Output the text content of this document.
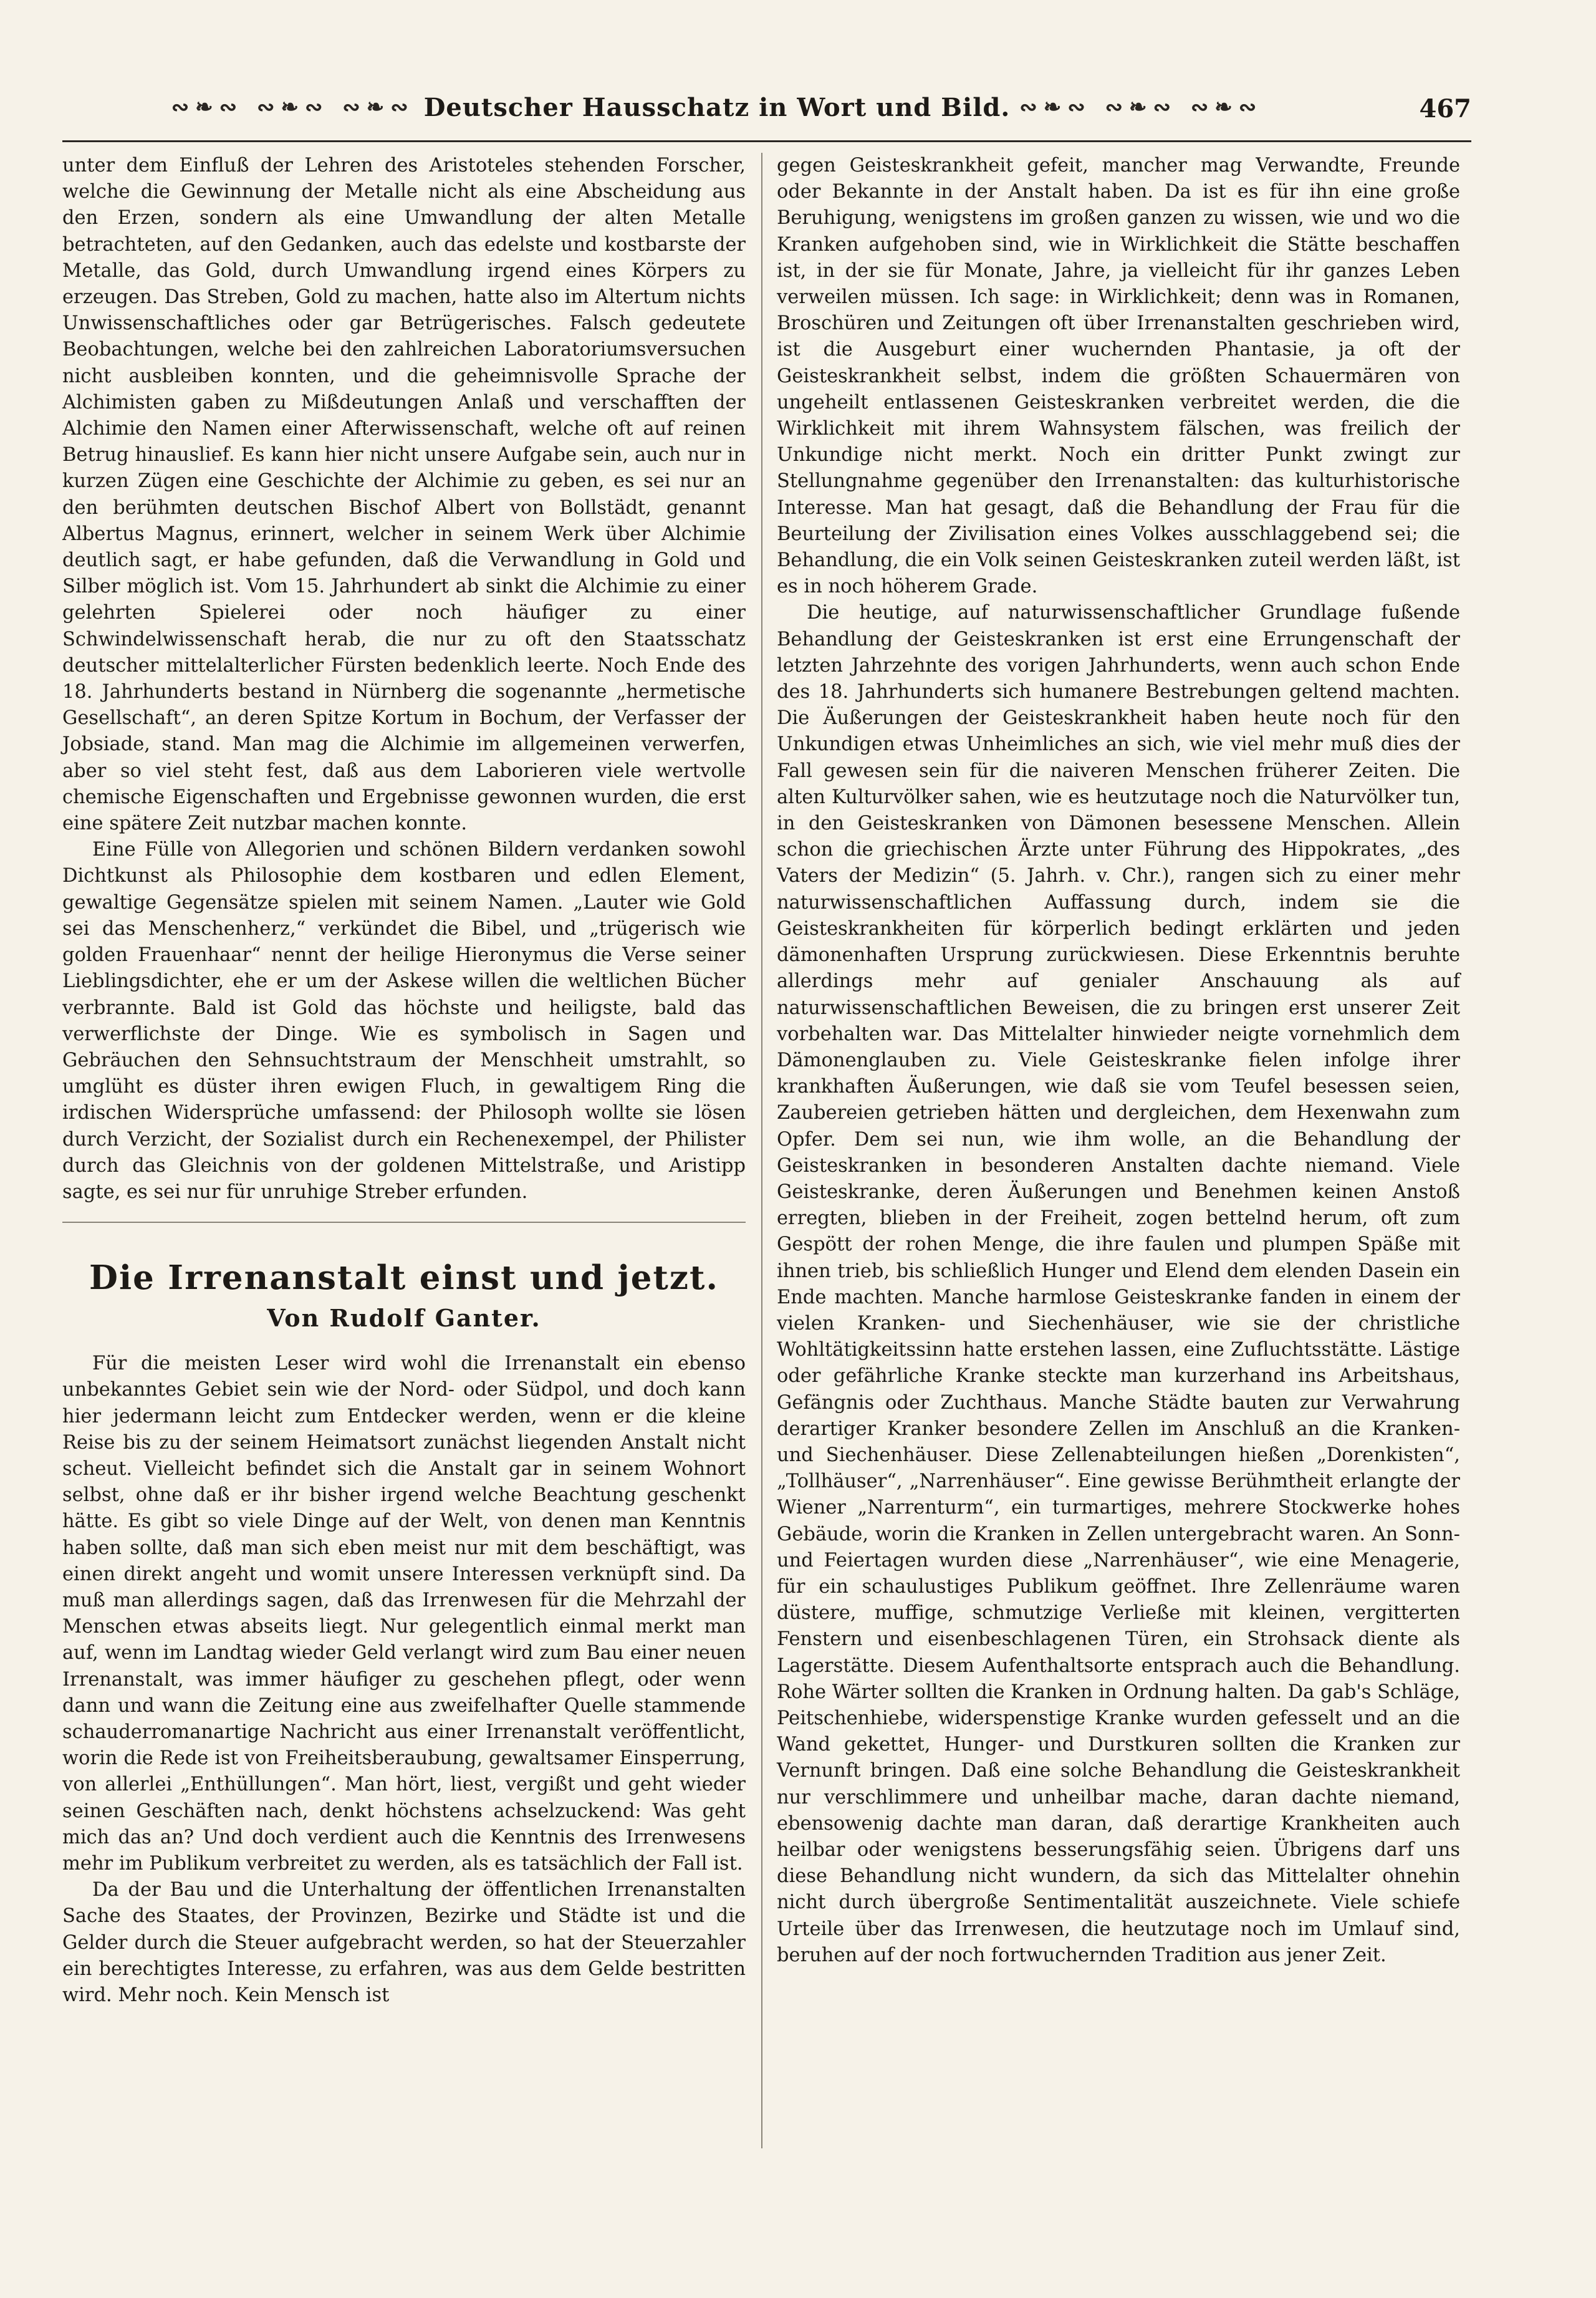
∾❧∾ ∾❧∾ ∾❧∾ Deutscher Hausschatz in Wort und Bild. ∾❧∾ ∾❧∾ ∾❧∾	467

unter dem Einfluß der Lehren des Aristoteles stehenden Forscher, welche die Gewinnung der Metalle nicht als eine Abscheidung aus den Erzen, sondern als eine Umwandlung der alten Metalle betrachteten, auf den Gedanken, auch das edelste und kostbarste der Metalle, das Gold, durch Umwandlung irgend eines Körpers zu erzeugen. Das Streben, Gold zu machen, hatte also im Altertum nichts Unwissenschaftliches oder gar Betrügerisches. Falsch gedeutete Beobachtungen, welche bei den zahlreichen Laboratoriumsversuchen nicht ausbleiben konnten, und die geheimnisvolle Sprache der Alchimisten gaben zu Mißdeutungen Anlaß und verschafften der Alchimie den Namen einer Afterwissenschaft, welche oft auf reinen Betrug hinauslief. Es kann hier nicht unsere Aufgabe sein, auch nur in kurzen Zügen eine Geschichte der Alchimie zu geben, es sei nur an den berühmten deutschen Bischof Albert von Bollstädt, genannt Albertus Magnus, erinnert, welcher in seinem Werk über Alchimie deutlich sagt, er habe gefunden, daß die Verwandlung in Gold und Silber möglich ist. Vom 15. Jahrhundert ab sinkt die Alchimie zu einer gelehrten Spielerei oder noch häufiger zu einer Schwindelwissenschaft herab, die nur zu oft den Staatsschatz deutscher mittelalterlicher Fürsten bedenklich leerte. Noch Ende des 18. Jahrhunderts bestand in Nürnberg die sogenannte „hermetische Gesellschaft“, an deren Spitze Kortum in Bochum, der Verfasser der Jobsiade, stand. Man mag die Alchimie im allgemeinen verwerfen, aber so viel steht fest, daß aus dem Laborieren viele wertvolle chemische Eigenschaften und Ergebnisse gewonnen wurden, die erst eine spätere Zeit nutzbar machen konnte.

Eine Fülle von Allegorien und schönen Bildern verdanken sowohl Dichtkunst als Philosophie dem kostbaren und edlen Element, gewaltige Gegensätze spielen mit seinem Namen. „Lauter wie Gold sei das Menschenherz,“ verkündet die Bibel, und „trügerisch wie golden Frauenhaar“ nennt der heilige Hieronymus die Verse seiner Lieblingsdichter, ehe er um der Askese willen die weltlichen Bücher verbrannte. Bald ist Gold das höchste und heiligste, bald das verwerflichste der Dinge. Wie es symbolisch in Sagen und Gebräuchen den Sehnsuchtstraum der Menschheit umstrahlt, so umglüht es düster ihren ewigen Fluch, in gewaltigem Ring die irdischen Widersprüche umfassend: der Philosoph wollte sie lösen durch Verzicht, der Sozialist durch ein Rechenexempel, der Philister durch das Gleichnis von der goldenen Mittelstraße, und Aristipp sagte, es sei nur für unruhige Streber erfunden.

Die Irrenanstalt einst und jetzt.
Von Rudolf Ganter.

Für die meisten Leser wird wohl die Irrenanstalt ein ebenso unbekanntes Gebiet sein wie der Nord- oder Südpol, und doch kann hier jedermann leicht zum Entdecker werden, wenn er die kleine Reise bis zu der seinem Heimatsort zunächst liegenden Anstalt nicht scheut. Vielleicht befindet sich die Anstalt gar in seinem Wohnort selbst, ohne daß er ihr bisher irgend welche Beachtung geschenkt hätte. Es gibt so viele Dinge auf der Welt, von denen man Kenntnis haben sollte, daß man sich eben meist nur mit dem beschäftigt, was einen direkt angeht und womit unsere Interessen verknüpft sind. Da muß man allerdings sagen, daß das Irrenwesen für die Mehrzahl der Menschen etwas abseits liegt. Nur gelegentlich einmal merkt man auf, wenn im Landtag wieder Geld verlangt wird zum Bau einer neuen Irrenanstalt, was immer häufiger zu geschehen pflegt, oder wenn dann und wann die Zeitung eine aus zweifelhafter Quelle stammende schauderromanartige Nachricht aus einer Irrenanstalt veröffentlicht, worin die Rede ist von Freiheitsberaubung, gewaltsamer Einsperrung, von allerlei „Enthüllungen“. Man hört, liest, vergißt und geht wieder seinen Geschäften nach, denkt höchstens achselzuckend: Was geht mich das an? Und doch verdient auch die Kenntnis des Irrenwesens mehr im Publikum verbreitet zu werden, als es tatsächlich der Fall ist.

Da der Bau und die Unterhaltung der öffentlichen Irrenanstalten Sache des Staates, der Provinzen, Bezirke und Städte ist und die Gelder durch die Steuer aufgebracht werden, so hat der Steuerzahler ein berechtigtes Interesse, zu erfahren, was aus dem Gelde bestritten wird. Mehr noch. Kein Mensch ist

gegen Geisteskrankheit gefeit, mancher mag Verwandte, Freunde oder Bekannte in der Anstalt haben. Da ist es für ihn eine große Beruhigung, wenigstens im großen ganzen zu wissen, wie und wo die Kranken aufgehoben sind, wie in Wirklichkeit die Stätte beschaffen ist, in der sie für Monate, Jahre, ja vielleicht für ihr ganzes Leben verweilen müssen. Ich sage: in Wirklichkeit; denn was in Romanen, Broschüren und Zeitungen oft über Irrenanstalten geschrieben wird, ist die Ausgeburt einer wuchernden Phantasie, ja oft der Geisteskrankheit selbst, indem die größten Schauermären von ungeheilt entlassenen Geisteskranken verbreitet werden, die die Wirklichkeit mit ihrem Wahnsystem fälschen, was freilich der Unkundige nicht merkt. Noch ein dritter Punkt zwingt zur Stellungnahme gegenüber den Irrenanstalten: das kulturhistorische Interesse. Man hat gesagt, daß die Behandlung der Frau für die Beurteilung der Zivilisation eines Volkes ausschlaggebend sei; die Behandlung, die ein Volk seinen Geisteskranken zuteil werden läßt, ist es in noch höherem Grade.

Die heutige, auf naturwissenschaftlicher Grundlage fußende Behandlung der Geisteskranken ist erst eine Errungenschaft der letzten Jahrzehnte des vorigen Jahrhunderts, wenn auch schon Ende des 18. Jahrhunderts sich humanere Bestrebungen geltend machten. Die Äußerungen der Geisteskrankheit haben heute noch für den Unkundigen etwas Unheimliches an sich, wie viel mehr muß dies der Fall gewesen sein für die naiveren Menschen früherer Zeiten. Die alten Kulturvölker sahen, wie es heutzutage noch die Naturvölker tun, in den Geisteskranken von Dämonen besessene Menschen. Allein schon die griechischen Ärzte unter Führung des Hippokrates, „des Vaters der Medizin“ (5. Jahrh. v. Chr.), rangen sich zu einer mehr naturwissenschaftlichen Auffassung durch, indem sie die Geisteskrankheiten für körperlich bedingt erklärten und jeden dämonenhaften Ursprung zurückwiesen. Diese Erkenntnis beruhte allerdings mehr auf genialer Anschauung als auf naturwissenschaftlichen Beweisen, die zu bringen erst unserer Zeit vorbehalten war. Das Mittelalter hinwieder neigte vornehmlich dem Dämonenglauben zu. Viele Geisteskranke fielen infolge ihrer krankhaften Äußerungen, wie daß sie vom Teufel besessen seien, Zaubereien getrieben hätten und dergleichen, dem Hexenwahn zum Opfer. Dem sei nun, wie ihm wolle, an die Behandlung der Geisteskranken in besonderen Anstalten dachte niemand. Viele Geisteskranke, deren Äußerungen und Benehmen keinen Anstoß erregten, blieben in der Freiheit, zogen bettelnd herum, oft zum Gespött der rohen Menge, die ihre faulen und plumpen Späße mit ihnen trieb, bis schließlich Hunger und Elend dem elenden Dasein ein Ende machten. Manche harmlose Geisteskranke fanden in einem der vielen Kranken- und Siechenhäuser, wie sie der christliche Wohltätigkeitssinn hatte erstehen lassen, eine Zufluchtsstätte. Lästige oder gefährliche Kranke steckte man kurzerhand ins Arbeitshaus, Gefängnis oder Zuchthaus. Manche Städte bauten zur Verwahrung derartiger Kranker besondere Zellen im Anschluß an die Kranken- und Siechenhäuser. Diese Zellenabteilungen hießen „Dorenkisten“, „Tollhäuser“, „Narrenhäuser“. Eine gewisse Berühmtheit erlangte der Wiener „Narrenturm“, ein turmartiges, mehrere Stockwerke hohes Gebäude, worin die Kranken in Zellen untergebracht waren. An Sonn- und Feiertagen wurden diese „Narrenhäuser“, wie eine Menagerie, für ein schaulustiges Publikum geöffnet. Ihre Zellenräume waren düstere, muffige, schmutzige Verließe mit kleinen, vergitterten Fenstern und eisenbeschlagenen Türen, ein Strohsack diente als Lagerstätte. Diesem Aufenthaltsorte entsprach auch die Behandlung. Rohe Wärter sollten die Kranken in Ordnung halten. Da gab's Schläge, Peitschenhiebe, widerspenstige Kranke wurden gefesselt und an die Wand gekettet, Hunger- und Durstkuren sollten die Kranken zur Vernunft bringen. Daß eine solche Behandlung die Geisteskrankheit nur verschlimmere und unheilbar mache, daran dachte niemand, ebensowenig dachte man daran, daß derartige Krankheiten auch heilbar oder wenigstens besserungsfähig seien. Übrigens darf uns diese Behandlung nicht wundern, da sich das Mittelalter ohnehin nicht durch übergroße Sentimentalität auszeichnete. Viele schiefe Urteile über das Irrenwesen, die heutzutage noch im Umlauf sind, beruhen auf der noch fortwuchernden Tradition aus jener Zeit.
